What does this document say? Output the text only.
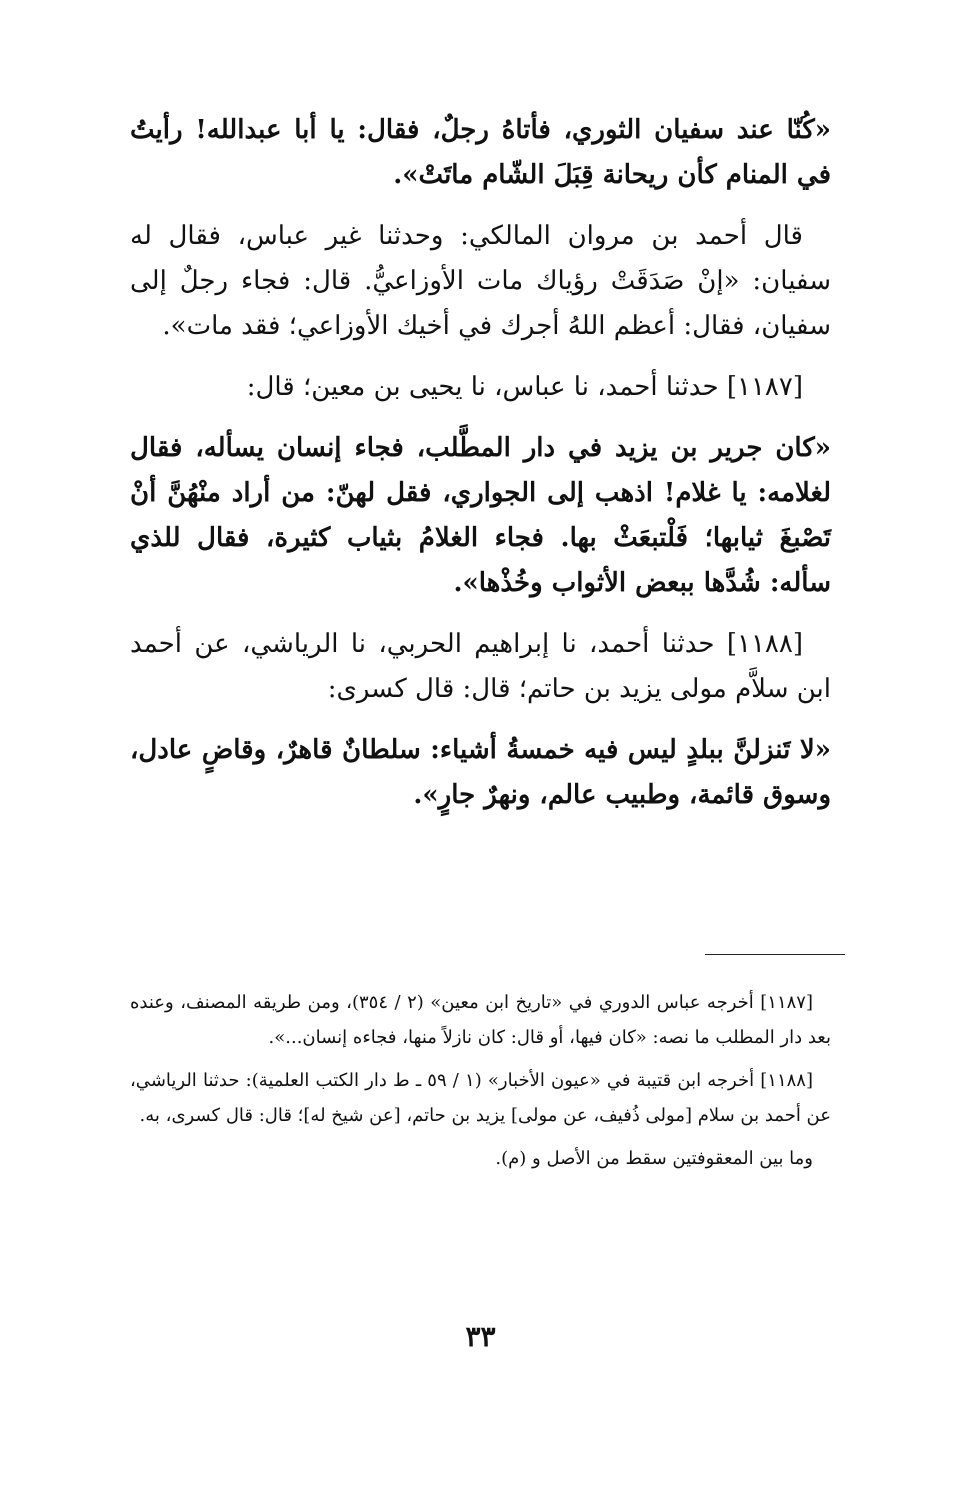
«كُنّا عند سفيان الثوري، فأتاهُ رجلٌ، فقال: يا أبا عبدالله! رأيتُ في المنام كأن ريحانة قِبَلَ الشّام ماتَتْ».

قال أحمد بن مروان المالكي: وحدثنا غير عباس، فقال له سفيان: «إنْ صَدَقَتْ رؤياك مات الأوزاعيُّ. قال: فجاء رجلٌ إلى سفيان، فقال: أعظم اللهُ أجرك في أخيك الأوزاعي؛ فقد مات».

[١١٨٧] حدثنا أحمد، نا عباس، نا يحيى بن معين؛ قال:

«كان جرير بن يزيد في دار المطَّلب، فجاء إنسان يسأله، فقال لغلامه: يا غلام! اذهب إلى الجواري، فقل لهنّ: من أراد منْهُنَّ أنْ تَصْبغَ ثيابها؛ فَلْتبعَثْ بها. فجاء الغلامُ بثياب كثيرة، فقال للذي سأله: شُدَّها ببعض الأثواب وخُذْها».

[١١٨٨] حدثنا أحمد، نا إبراهيم الحربي، نا الرياشي، عن أحمد ابن سلاَّم مولى يزيد بن حاتم؛ قال: قال كسرى:

«لا تَنزلنَّ ببلدٍ ليس فيه خمسةُ أشياء: سلطانٌ قاهرٌ، وقاضٍ عادل، وسوق قائمة، وطبيب عالم، ونهرٌ جارٍ».

[١١٨٧] أخرجه عباس الدوري في «تاريخ ابن معين» (٢ / ٣٥٤)، ومن طريقه المصنف، وعنده بعد دار المطلب ما نصه: «كان فيها، أو قال: كان نازلاً منها، فجاءه إنسان...».

[١١٨٨] أخرجه ابن قتيبة في «عيون الأخبار» (١ / ٥٩ ـ ط دار الكتب العلمية): حدثنا الرياشي، عن أحمد بن سلام [مولى ذُفيف، عن مولى] يزيد بن حاتم، [عن شيخ له]؛ قال: قال كسرى، به.

وما بين المعقوفتين سقط من الأصل و (م).

٣٣
